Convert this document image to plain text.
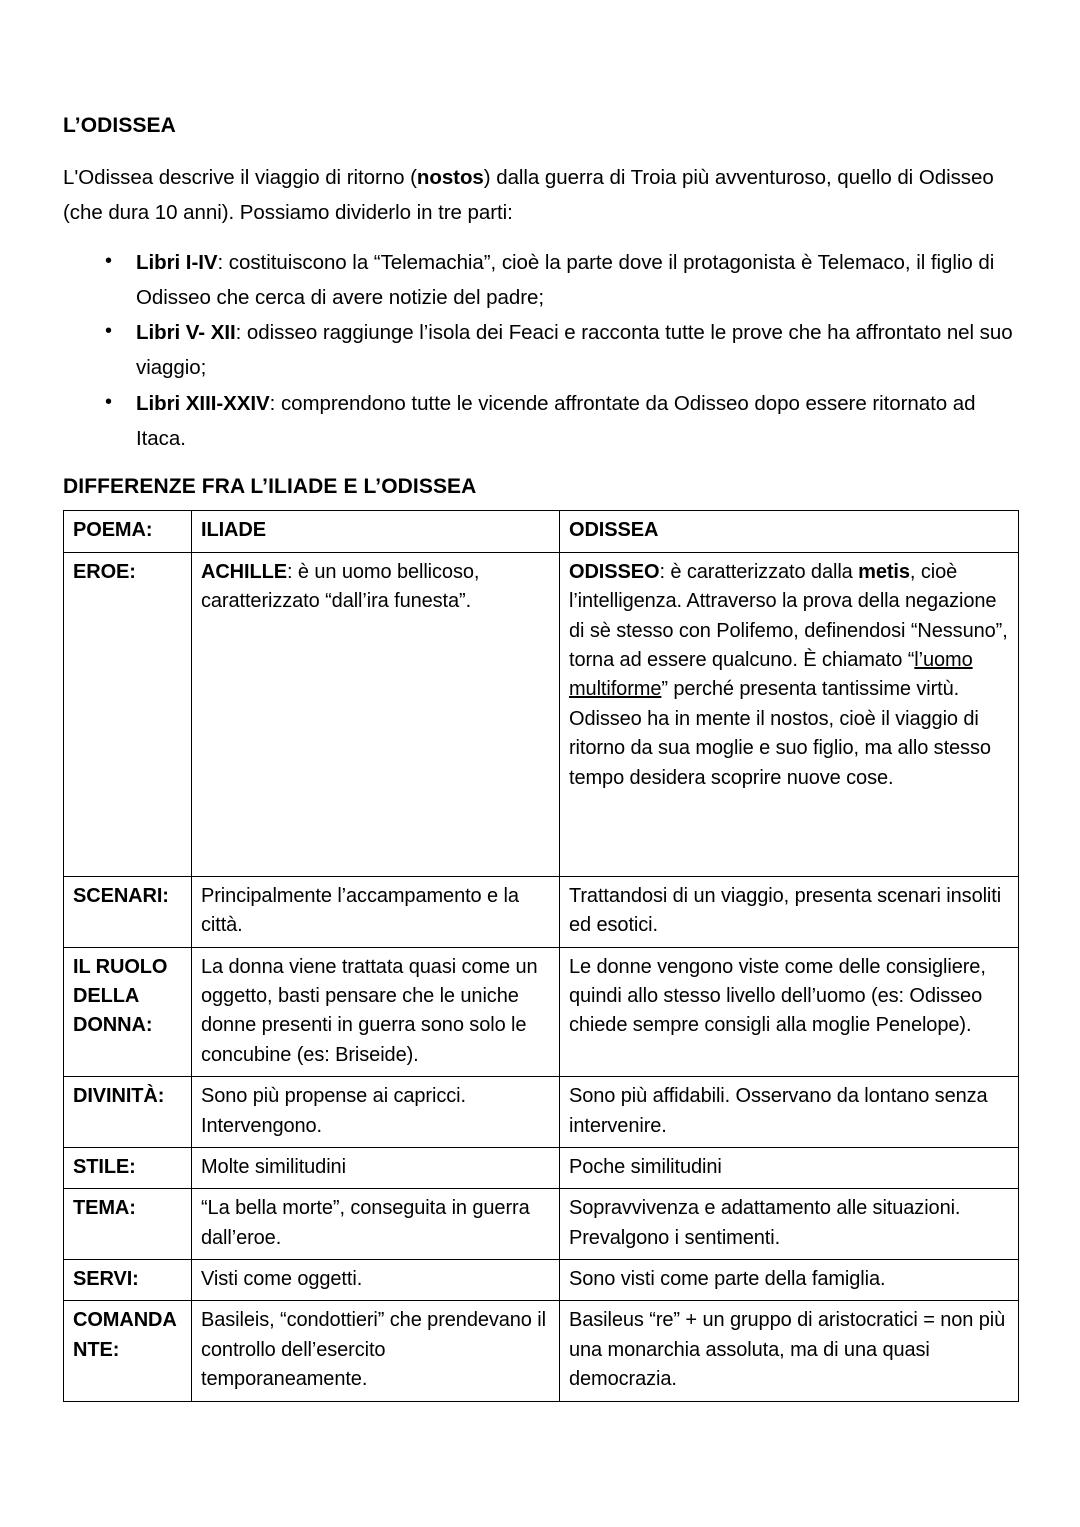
L’ODISSEA

L'Odissea descrive il viaggio di ritorno (nostos) dalla guerra di Troia più avventuroso, quello di Odisseo (che dura 10 anni). Possiamo dividerlo in tre parti:

• Libri I-IV: costituiscono la “Telemachia”, cioè la parte dove il protagonista è Telemaco, il figlio di Odisseo che cerca di avere notizie del padre;
• Libri V- XII: odisseo raggiunge l’isola dei Feaci e racconta tutte le prove che ha affrontato nel suo viaggio;
• Libri XIII-XXIV: comprendono tutte le vicende affrontate da Odisseo dopo essere ritornato ad Itaca.
DIFFERENZE FRA L’ILIADE E L’ODISSEA
POEMA:	ILIADE	ODISSEA
EROE:	ACHILLE: è un uomo bellicoso, caratterizzato “dall’ira funesta”.	ODISSEO: è caratterizzato dalla metis, cioè l’intelligenza. Attraverso la prova della negazione di sè stesso con Polifemo, definendosi “Nessuno”, torna ad essere qualcuno. È chiamato “l’uomo multiforme” perché presenta tantissime virtù. Odisseo ha in mente il nostos, cioè il viaggio di ritorno da sua moglie e suo figlio, ma allo stesso tempo desidera scoprire nuove cose.
SCENARI:	Principalmente l’accampamento e la città.	Trattandosi di un viaggio, presenta scenari insoliti ed esotici.
IL RUOLO DELLA DONNA:	La donna viene trattata quasi come un oggetto, basti pensare che le uniche donne presenti in guerra sono solo le concubine (es: Briseide).	Le donne vengono viste come delle consigliere, quindi allo stesso livello dell’uomo (es: Odisseo chiede sempre consigli alla moglie Penelope).
DIVINITÀ:	Sono più propense ai capricci. Intervengono.	Sono più affidabili. Osservano da lontano senza intervenire.
STILE:	Molte similitudini	Poche similitudini
TEMA:	“La bella morte”, conseguita in guerra dall’eroe.	Sopravvivenza e adattamento alle situazioni. Prevalgono i sentimenti.
SERVI:	Visti come oggetti.	Sono visti come parte della famiglia.
COMANDANTE:	Basileis, “condottieri” che prendevano il controllo dell’esercito temporaneamente.	Basileus “re” + un gruppo di aristocratici = non più una monarchia assoluta, ma di una quasi democrazia.
